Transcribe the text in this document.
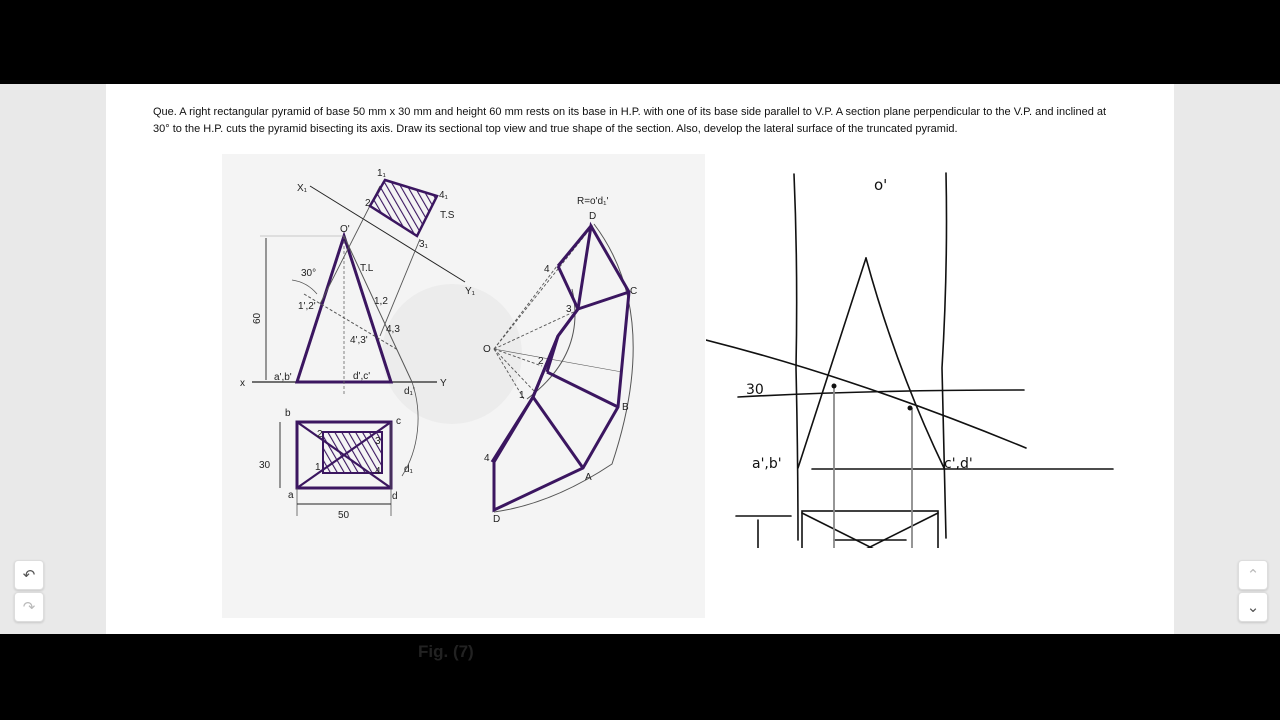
Que. A right rectangular pyramid of base 50 mm x 30 mm and height 60 mm rests on its base in H.P. with one of its base side parallel to V.P. A section plane perpendicular to the V.P. and inclined at 30° to the H.P. cuts the pyramid bisecting its axis. Draw its sectional top view and true shape of the section. Also, develop the lateral surface of the truncated pyramid.

X₁
Y₁
1₁
2
4₁
3₁
T.S
O'
T.L
30°
1',2'	1,2
4,3
4',3'
60
a',b'	d',c'
d₁'
x	Y
b
c
2
3
1	4
a	d
d₁
30
50
R=o'd₁'
D
C
B
A
D
4
3
2
1
4
O
Fig. (7)
o'
30
a',b'	c',d'
↶
↷
⌃
⌄
